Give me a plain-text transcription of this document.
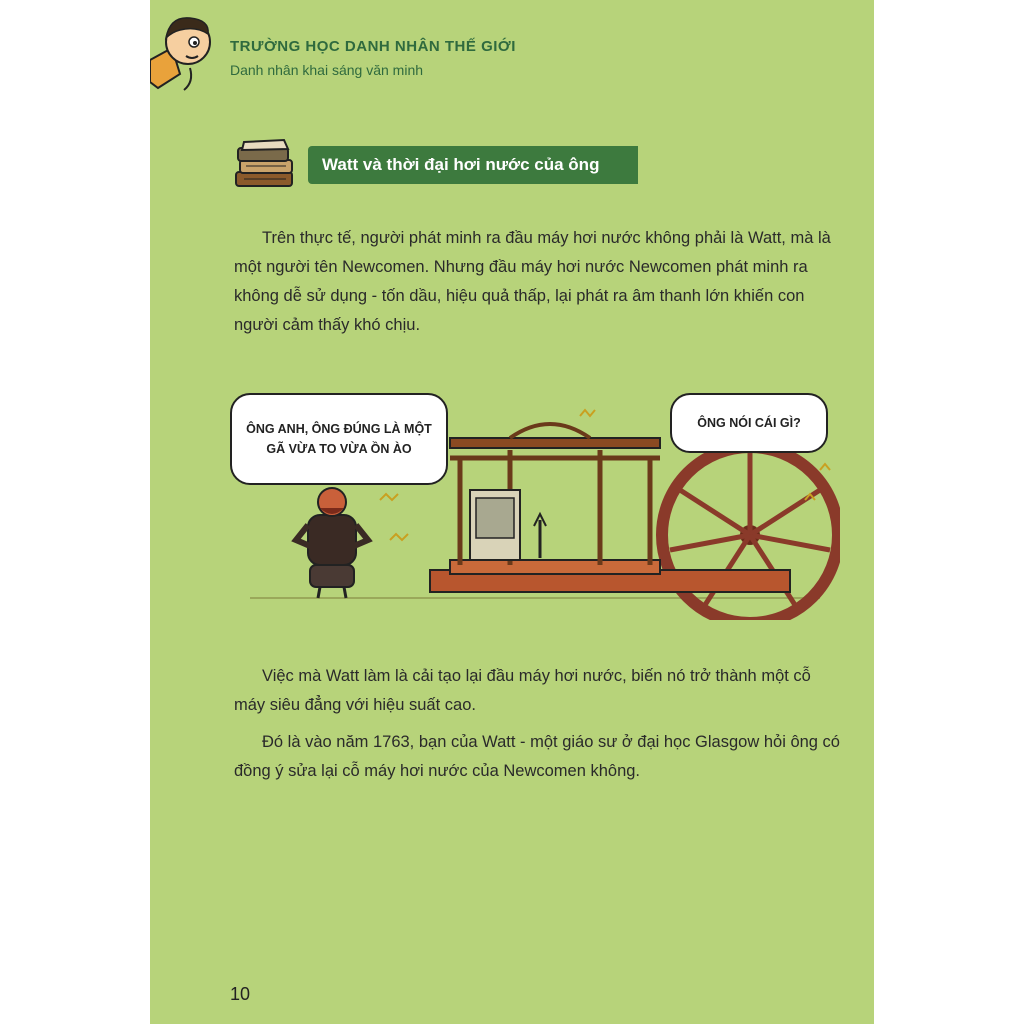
TRƯỜNG HỌC DANH NHÂN THẾ GIỚI
Danh nhân khai sáng văn minh
Watt và thời đại hơi nước của ông

Trên thực tế, người phát minh ra đầu máy hơi nước không phải là Watt, mà là một người tên Newcomen. Nhưng đầu máy hơi nước Newcomen phát minh ra không dễ sử dụng - tốn dầu, hiệu quả thấp, lại phát ra âm thanh lớn khiến con người cảm thấy khó chịu.

ÔNG ANH, ÔNG ĐÚNG LÀ MỘT
GÃ VỪA TO VỪA ỒN ÀO
ÔNG NÓI CÁI GÌ?

Việc mà Watt làm là cải tạo lại đầu máy hơi nước, biến nó trở thành một cỗ máy siêu đẳng với hiệu suất cao.

Đó là vào năm 1763, bạn của Watt - một giáo sư ở đại học Glasgow hỏi ông có đồng ý sửa lại cỗ máy hơi nước của Newcomen không.

10
